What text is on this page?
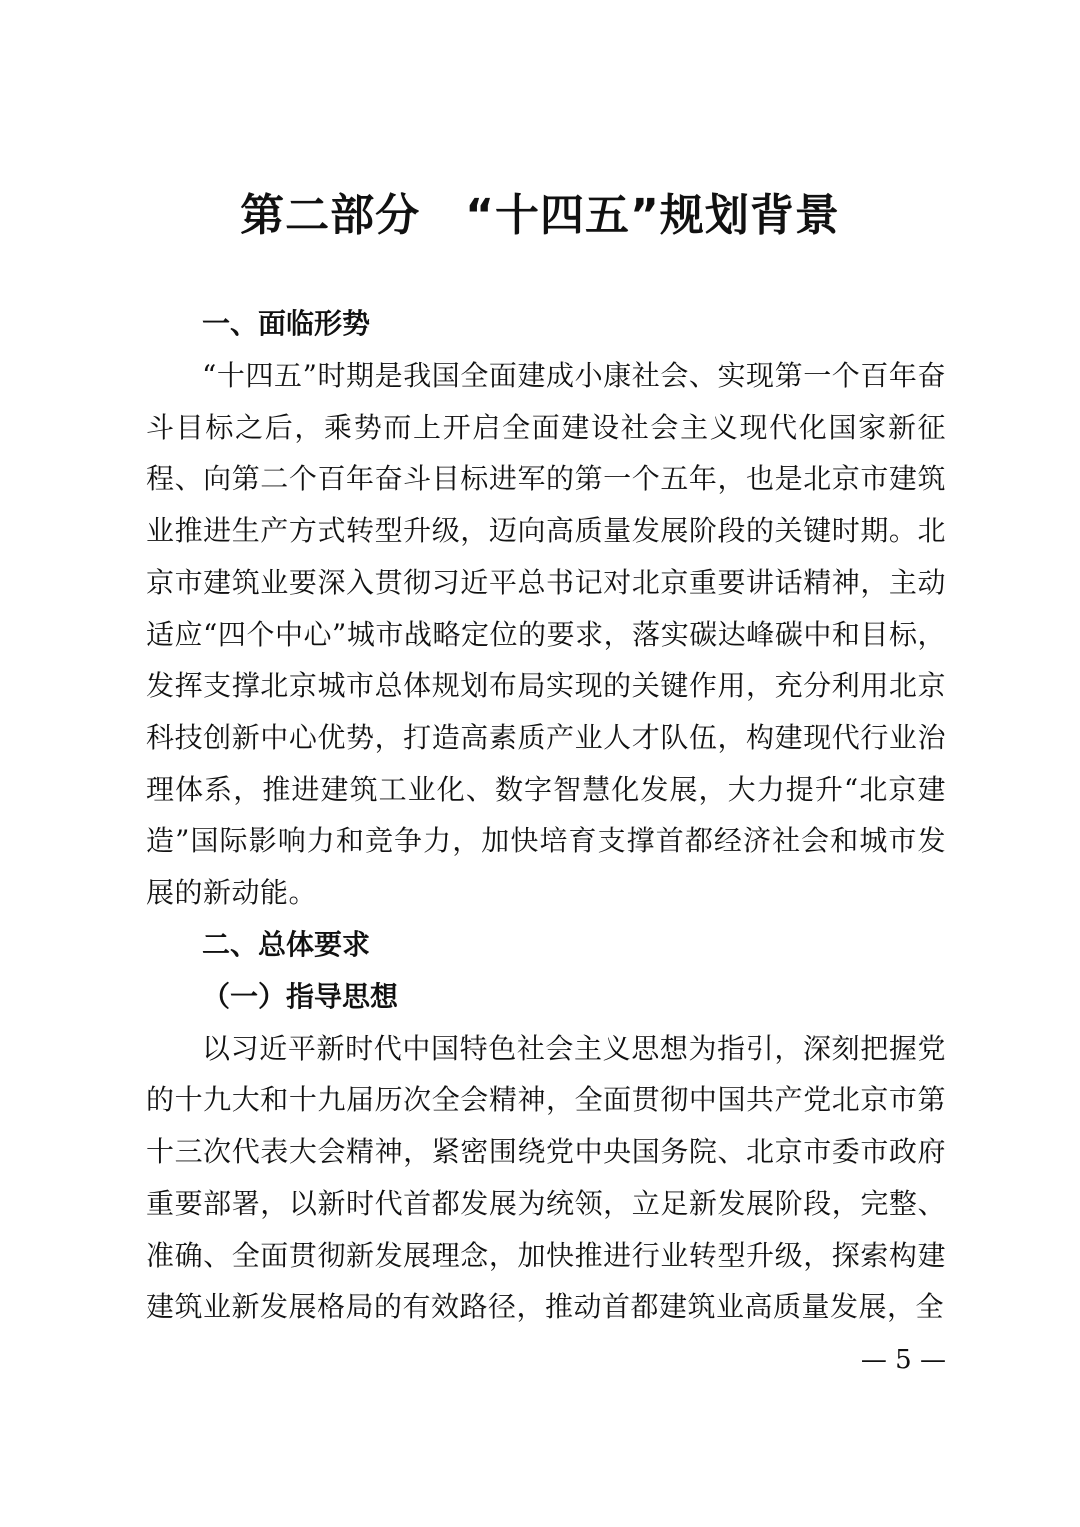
第二部分　“十四五”规划背景
一、面临形势

“十四五”时期是我国全面建成小康社会、实现第一个百年奋斗目标之后，乘势而上开启全面建设社会主义现代化国家新征程、向第二个百年奋斗目标进军的第一个五年，也是北京市建筑业推进生产方式转型升级，迈向高质量发展阶段的关键时期。北京市建筑业要深入贯彻习近平总书记对北京重要讲话精神，主动适应“四个中心”城市战略定位的要求，落实碳达峰碳中和目标，发挥支撑北京城市总体规划布局实现的关键作用，充分利用北京科技创新中心优势，打造高素质产业人才队伍，构建现代行业治理体系，推进建筑工业化、数字智慧化发展，大力提升“北京建造”国际影响力和竞争力，加快培育支撑首都经济社会和城市发展的新动能。

二、总体要求
（一）指导思想

以习近平新时代中国特色社会主义思想为指引，深刻把握党的十九大和十九届历次全会精神，全面贯彻中国共产党北京市第十三次代表大会精神，紧密围绕党中央国务院、北京市委市政府重要部署，以新时代首都发展为统领，立足新发展阶段，完整、准确、全面贯彻新发展理念，加快推进行业转型升级，探索构建建筑业新发展格局的有效路径，推动首都建筑业高质量发展，全

— 5 —
